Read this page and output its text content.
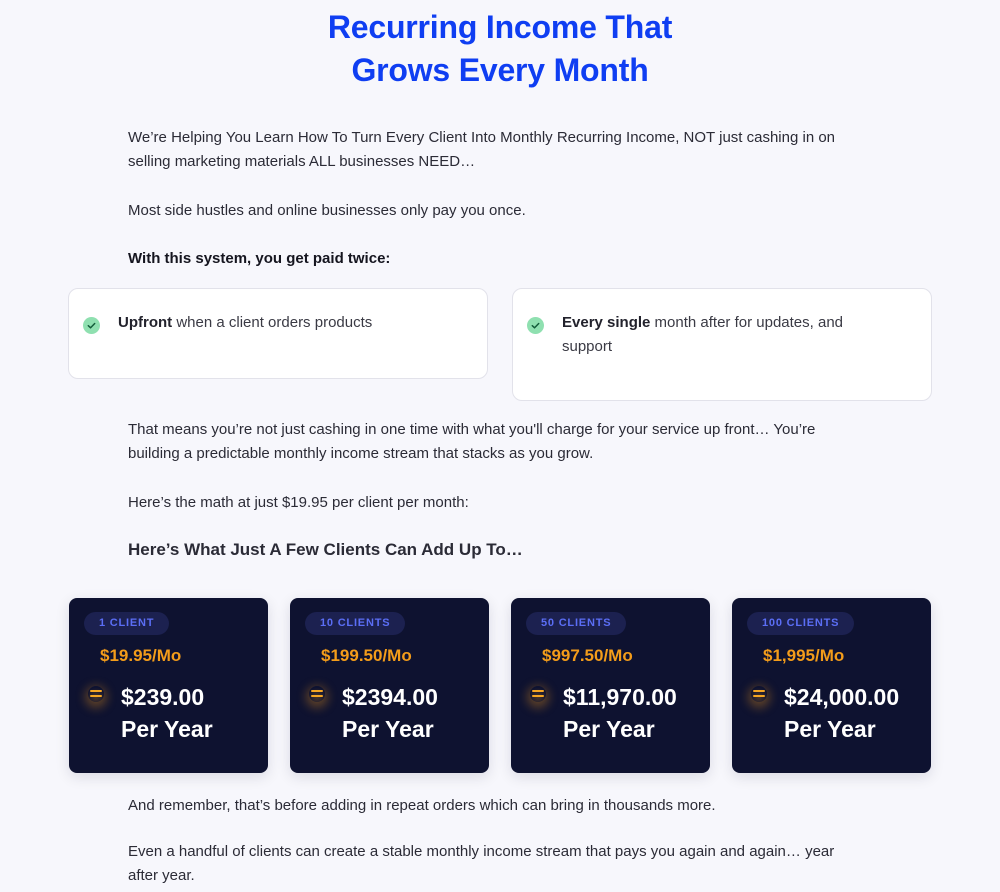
Recurring Income That
Grows Every Month

We’re Helping You Learn How To Turn Every Client Into Monthly Recurring Income, NOT just cashing in on selling marketing materials ALL businesses NEED…

Most side hustles and online businesses only pay you once.

With this system, you get paid twice:

Upfront when a client orders products	Every single month after for updates, and support

That means you’re not just cashing in one time with what you'll charge for your service up front… You’re building a predictable monthly income stream that stacks as you grow.

Here’s the math at just $19.95 per client per month:

Here’s What Just A Few Clients Can Add Up To…
1 CLIENT
$19.95/Mo
$239.00
Per Year
10 CLIENTS
$199.50/Mo
$2394.00
Per Year
50 CLIENTS
$997.50/Mo
$11,970.00
Per Year
100 CLIENTS
$1,995/Mo
$24,000.00
Per Year

And remember, that’s before adding in repeat orders which can bring in thousands more.

Even a handful of clients can create a stable monthly income stream that pays you again and again… year after year.
